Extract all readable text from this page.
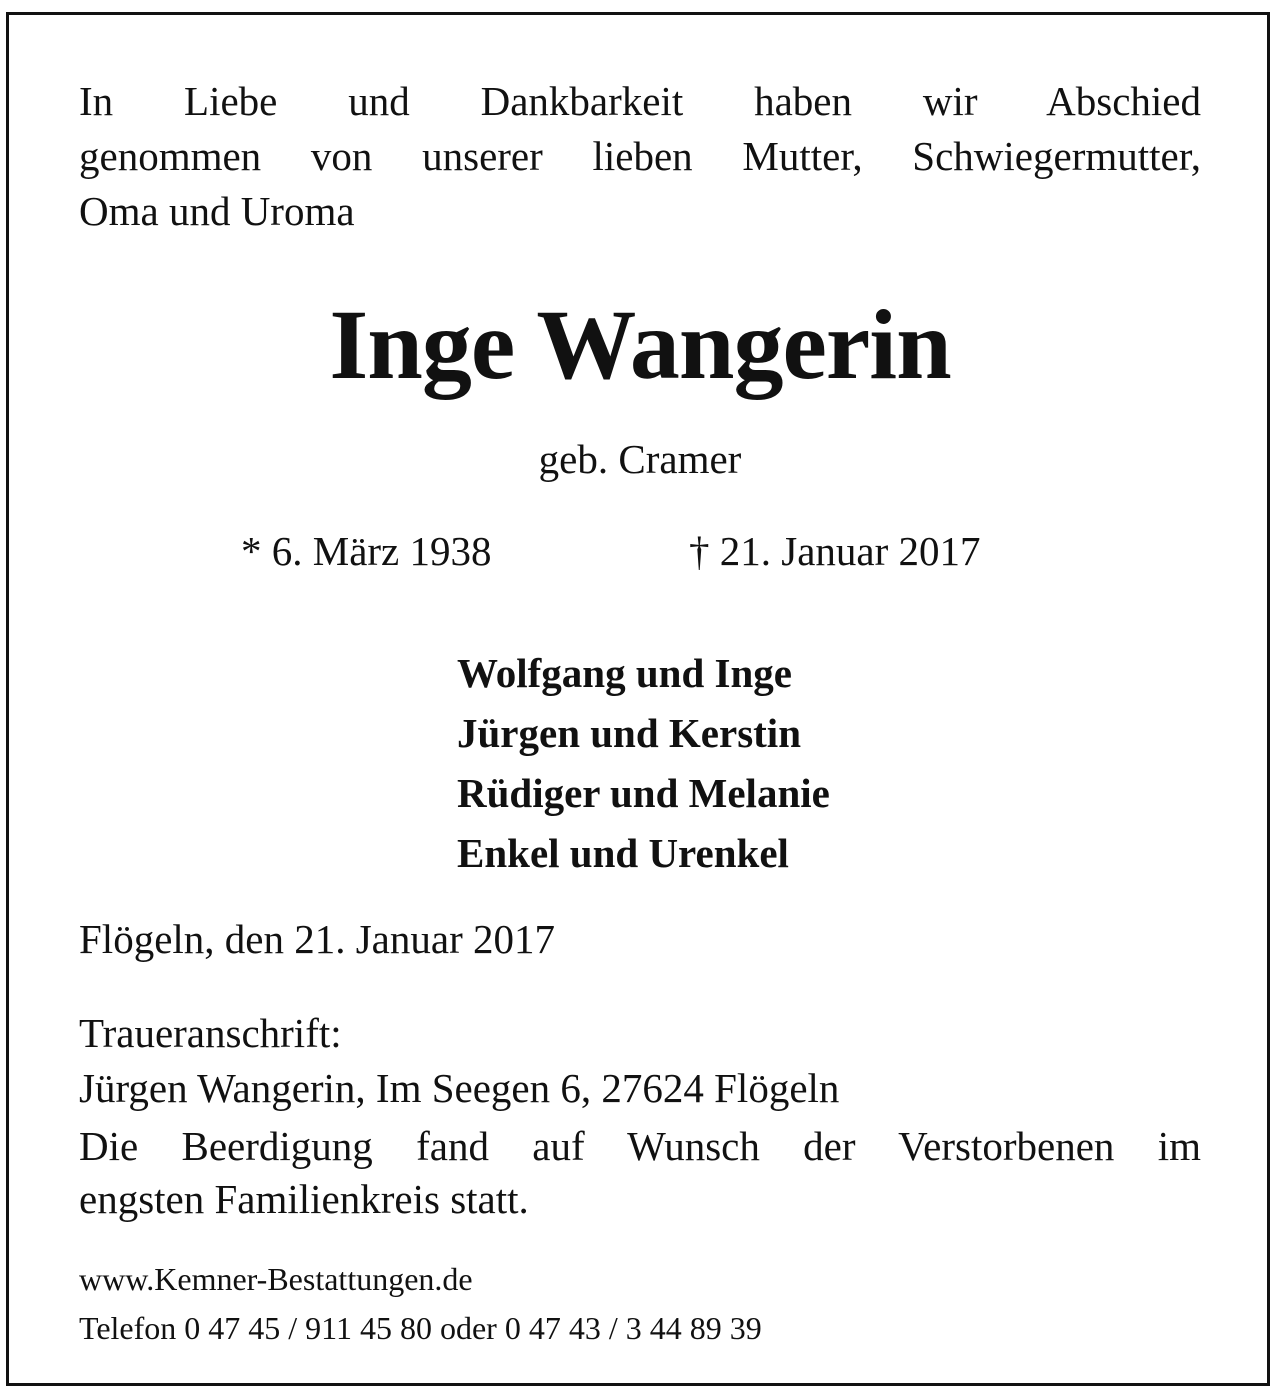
In Liebe und Dankbarkeit haben wir Abschied
genommen von unserer lieben Mutter, Schwiegermutter,
Oma und Uroma
Inge Wangerin
geb. Cramer
* 6. März 1938	† 21. Januar 2017
Wolfgang und Inge
Jürgen und Kerstin
Rüdiger und Melanie
Enkel und Urenkel
Flögeln, den 21. Januar 2017
Traueranschrift:
Jürgen Wangerin, Im Seegen 6, 27624 Flögeln
Die Beerdigung fand auf Wunsch der Verstorbenen im
engsten Familienkreis statt.
www.Kemner-Bestattungen.de
Telefon 0 47 45 / 911 45 80 oder 0 47 43 / 3 44 89 39
